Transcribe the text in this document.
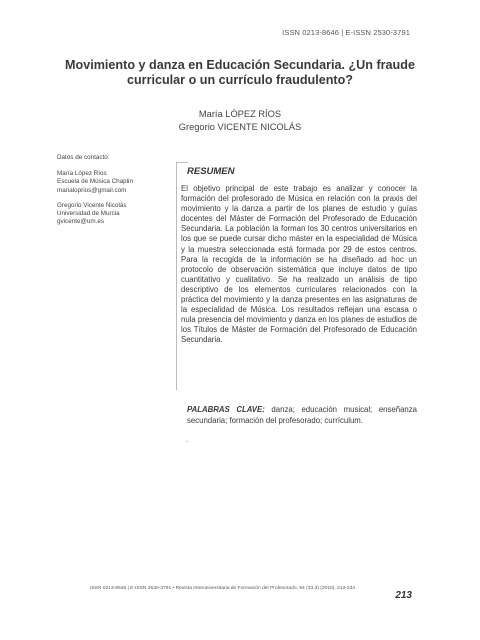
ISSN 0213-8646 | E-ISSN 2530-3791
Movimiento y danza en Educación Secundaria. ¿Un fraude
curricular o un currículo fraudulento?
María LÓPEZ RÍOS
Gregorio VICENTE NICOLÁS
Datos de contacto:
María López Ríos
Escuela de Música Chaplin
marialoprios@gmail.com
Gregorio Vicente Nicolás
Universidad de Murcia
gvicente@um.es
RESUMEN
El objetivo principal de este trabajo es analizar y conocer la formación del profesorado de Música en relación con la praxis del movimiento y la danza a partir de los planes de estudio y guías docentes del Máster de Formación del Profesorado de Educación Secundaria. La población la forman los 30 centros universitarios en los que se puede cursar dicho máster en la especialidad de Música y la muestra seleccionada está formada por 29 de estos centros. Para la recogida de la información se ha diseñado ad hoc un protocolo de observación sistemática que incluye datos de tipo cuantitativo y cualitativo. Se ha realizado un análisis de tipo descriptivo de los elementos curriculares relacionados con la práctica del movimiento y la danza presentes en las asignaturas de la especialidad de Música. Los resultados reflejan una escasa o nula presencia del movimiento y danza en los planes de estudios de los Títulos de Máster de Formación del Profesorado de Educación Secundaria.
PALABRAS CLAVE: danza; educación musical; enseñanza secundaria; formación del profesorado; currículum.
.
ISSN 0213-8646 | E-ISSN 2530-3791 • Revista Interuniversitaria de Formación del Profesorado, 94 (33.3) (2019), 213-234
213
